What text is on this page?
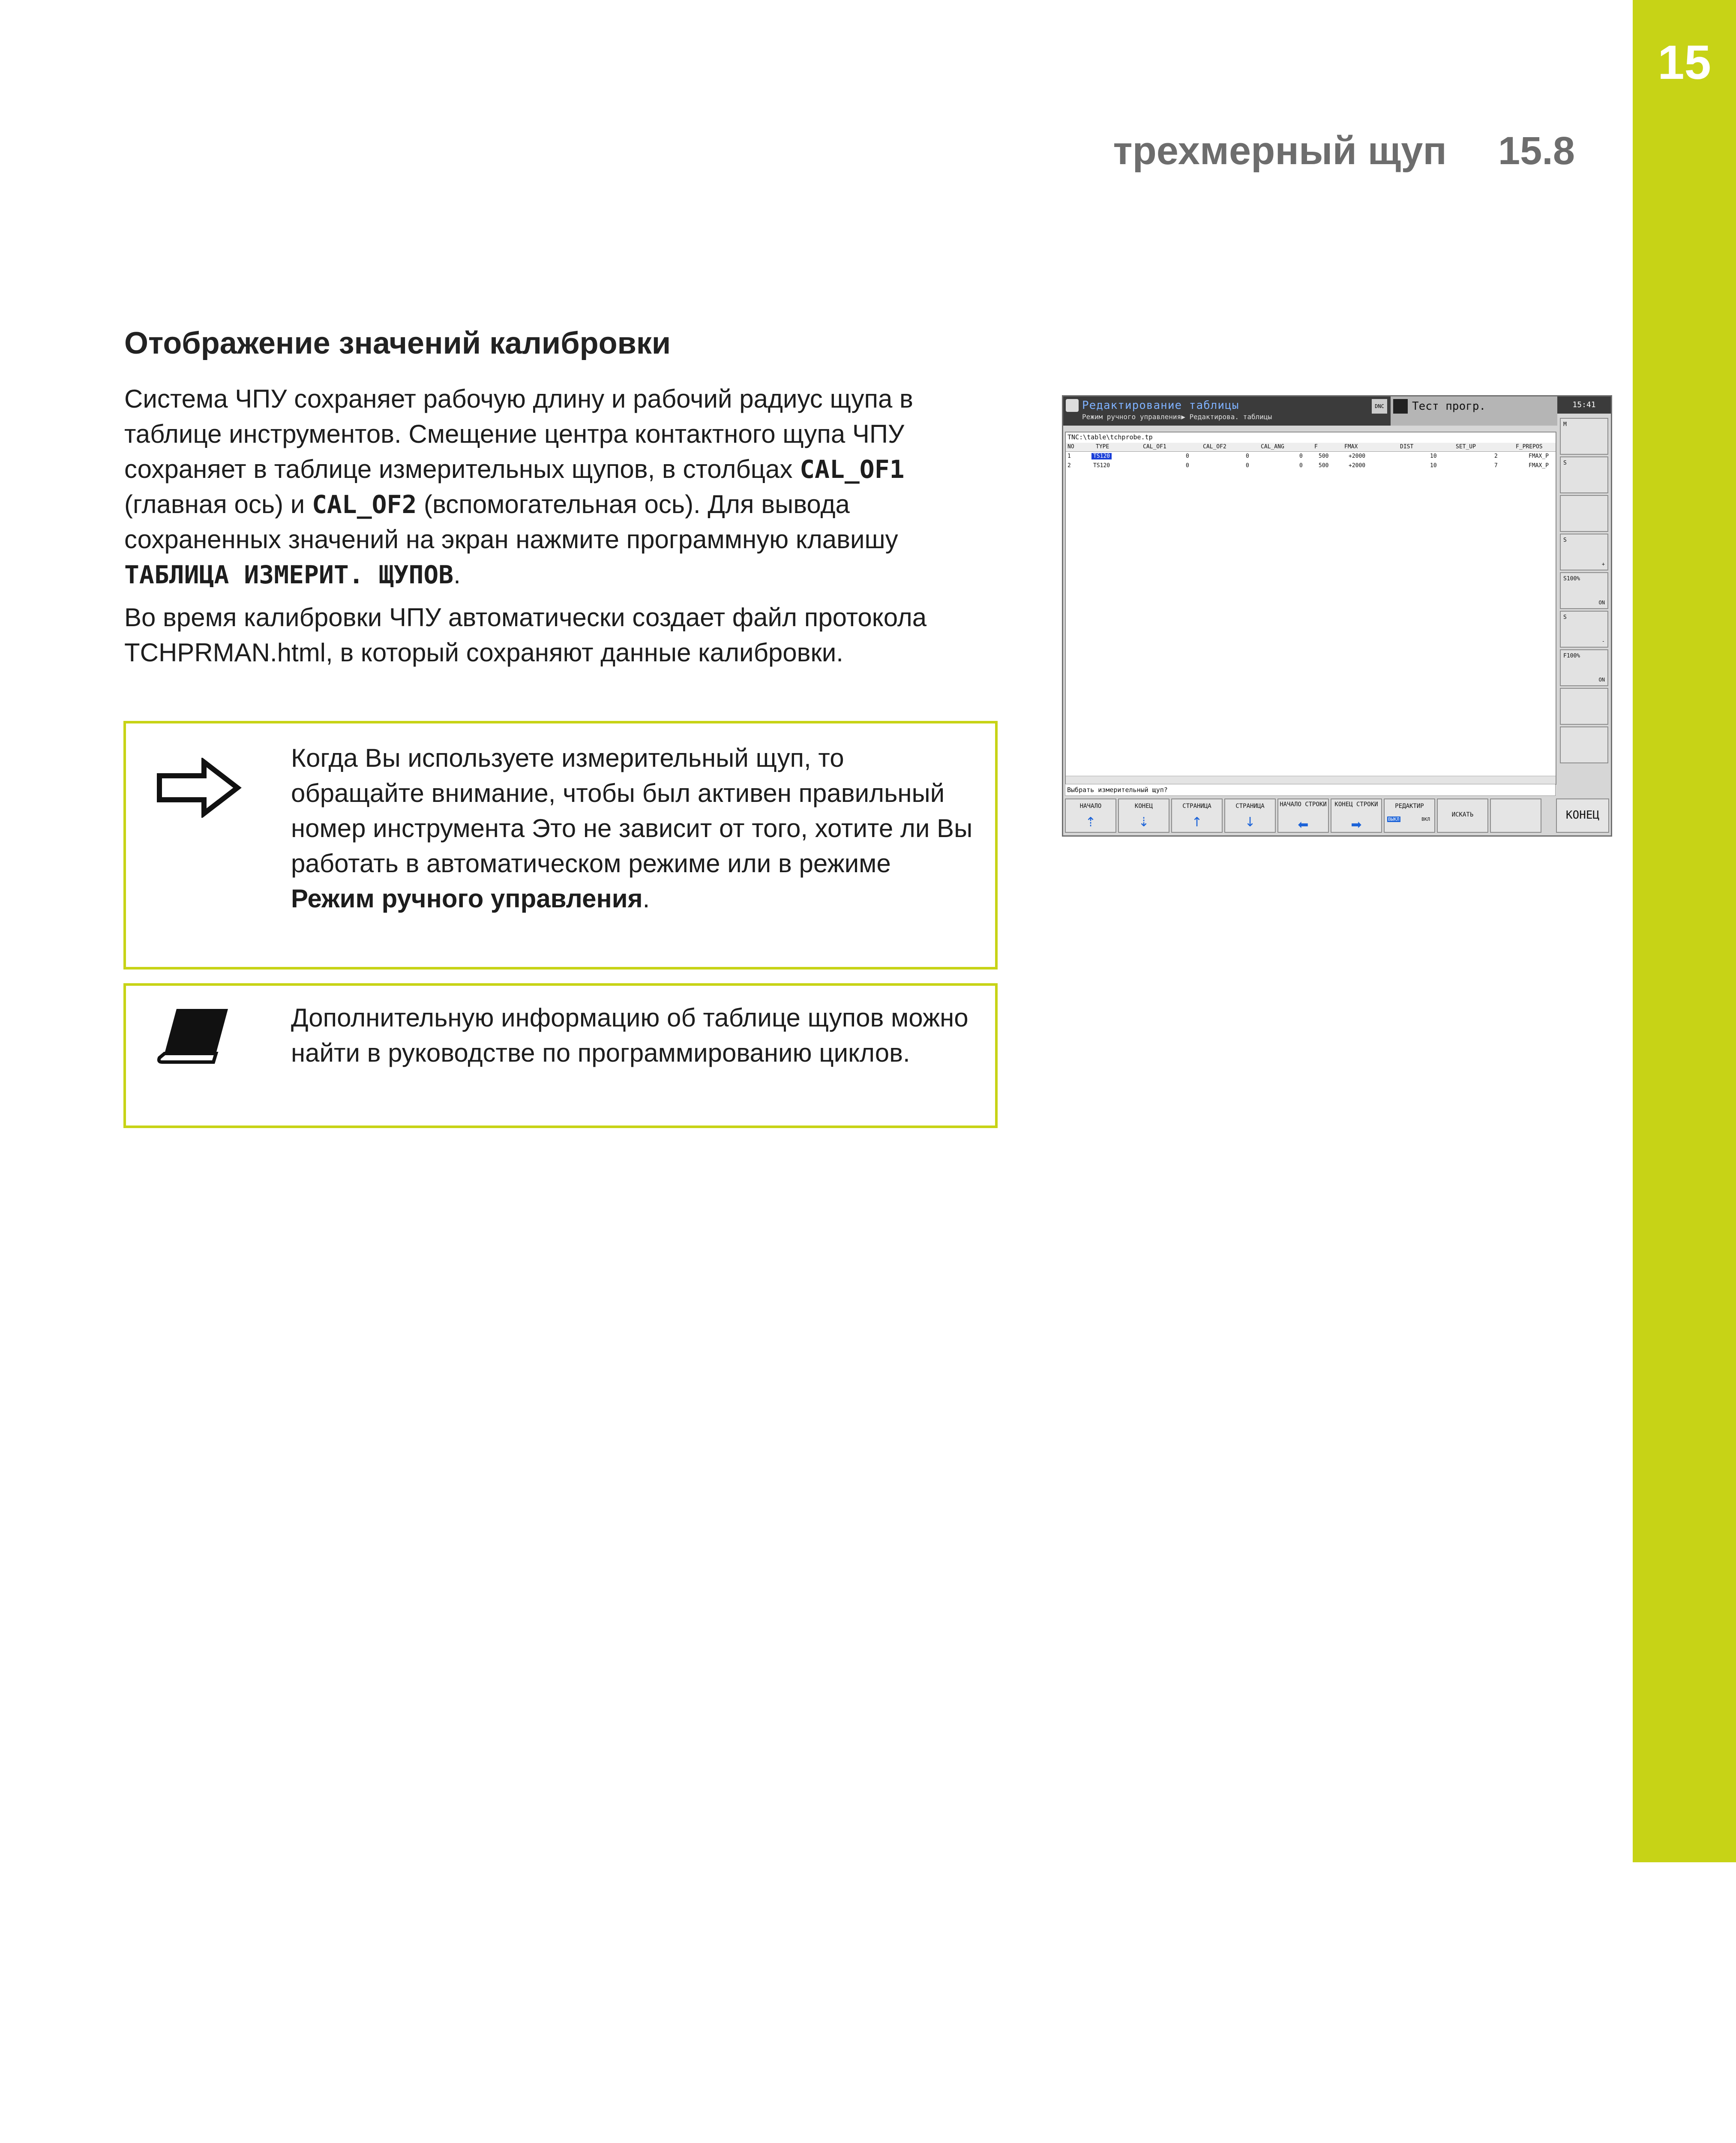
15
трехмерный щуп 15.8
Отображение значений калибровки
Система ЧПУ сохраняет рабочую длину и рабочий радиус щупа в таблице инструментов. Смещение центра контактного щупа ЧПУ сохраняет в таблице измерительных щупов, в столбцах CAL_OF1 (главная ось) и CAL_OF2 (вспомогательная ось). Для вывода сохраненных значений на экран нажмите программную клавишу ТАБЛИЦА ИЗМЕРИТ. ЩУПОВ.
Во время калибровки ЧПУ автоматически создает файл протокола TCHPRMAN.html, в который сохраняют данные калибровки.
Когда Вы используете измерительный щуп, то обращайте внимание, чтобы был активен правильный номер инструмента Это не зависит от того, хотите ли Вы работать в автоматическом режиме или в режиме Режим ручного управления.
Дополнительную информацию об таблице щупов можно найти в руководстве по программированию циклов.
Редактирование таблицы
Режим ручного управления▶ Редактирова. таблицы
DNC	Тест прогр.	15:41
TNC:\table\tchprobe.tp
NO	TYPE	CAL_OF1	CAL_OF2	CAL_ANG	F	FMAX	DIST	SET_UP	F_PREPOS
1	TS120	0	0	0	500	+2000	10	2	FMAX_P
2	TS120	0	0	0	500	+2000	10	7	FMAX_P
Выбрать измерительный щуп?
M
S
S
+
S100%
ON
S
-
F100%
ON
НАЧАЛО
⇡
КОНЕЦ
⇣
СТРАНИЦА
↑
СТРАНИЦА
↓
НАЧАЛО СТРОКИ
⬅
КОНЕЦ СТРОКИ
➡
РЕДАКТИР
ВЫКЛ	ВКЛ
ИСКАТЬ	КОНЕЦ
